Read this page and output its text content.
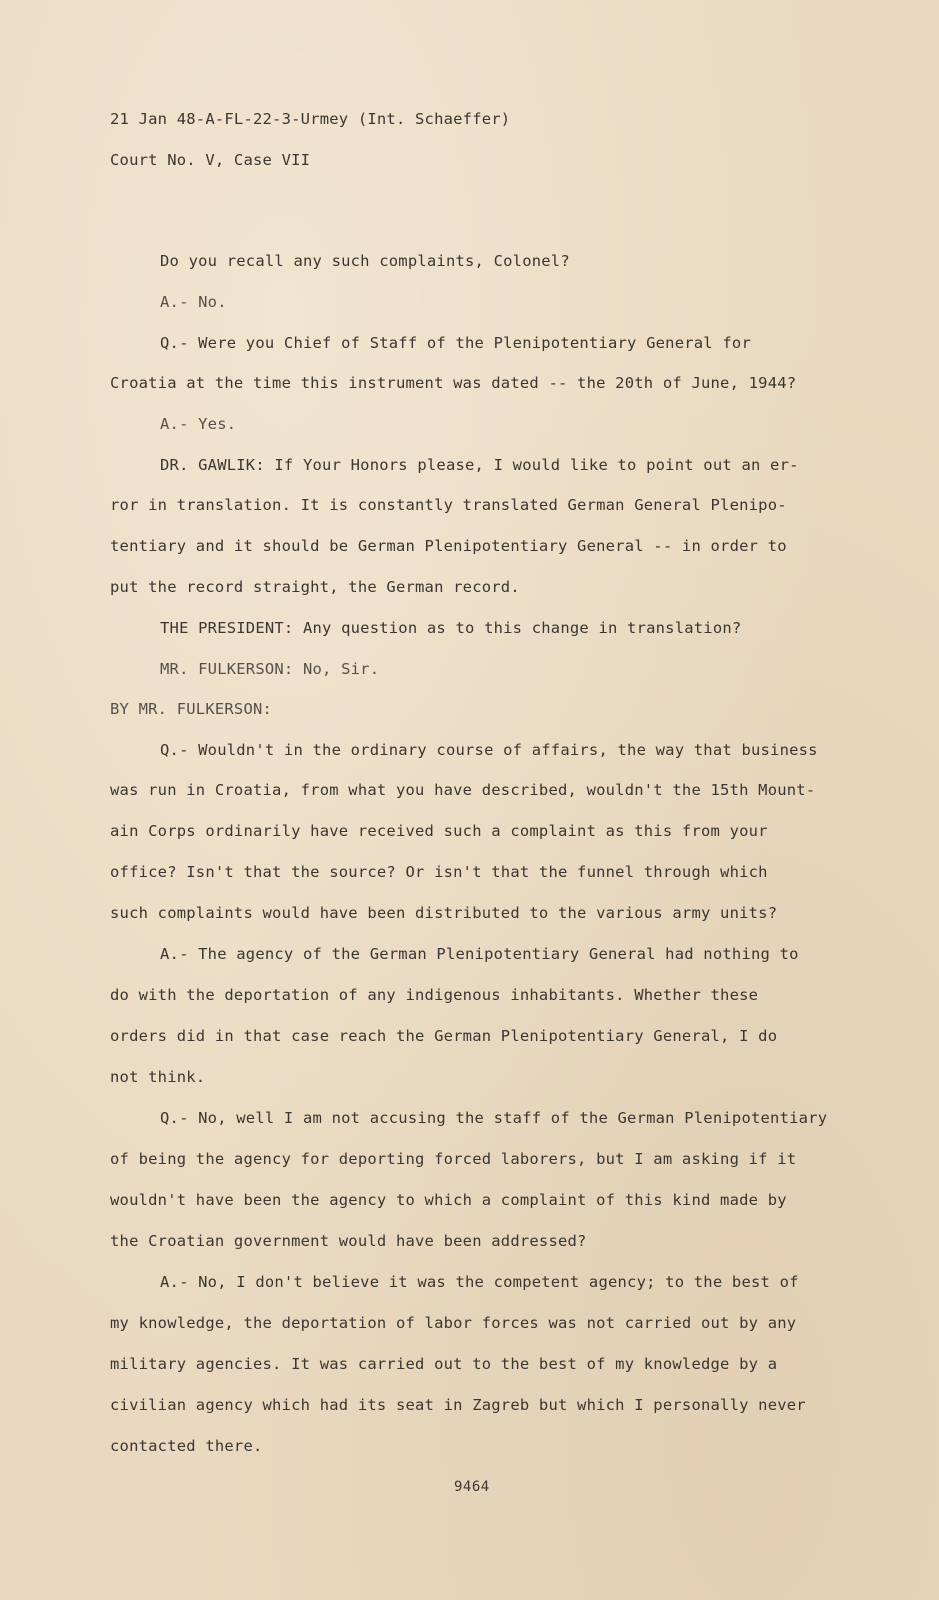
21 Jan 48-A-FL-22-3-Urmey (Int. Schaeffer)
Court No. V, Case VII
Do you recall any such complaints, Colonel?
A.- No.
Q.- Were you Chief of Staff of the Plenipotentiary General for
Croatia at the time this instrument was dated -- the 20th of June, 1944?
A.- Yes.
DR. GAWLIK: If Your Honors please, I would like to point out an er-
ror in translation. It is constantly translated German General Plenipo-
tentiary and it should be German Plenipotentiary General -- in order to
put the record straight, the German record.
THE PRESIDENT: Any question as to this change in translation?
MR. FULKERSON: No, Sir.
BY MR. FULKERSON:
Q.- Wouldn't in the ordinary course of affairs, the way that business
was run in Croatia, from what you have described, wouldn't the 15th Mount-
ain Corps ordinarily have received such a complaint as this from your
office? Isn't that the source? Or isn't that the funnel through which
such complaints would have been distributed to the various army units?
A.- The agency of the German Plenipotentiary General had nothing to
do with the deportation of any indigenous inhabitants. Whether these
orders did in that case reach the German Plenipotentiary General, I do
not think.
Q.- No, well I am not accusing the staff of the German Plenipotentiary
of being the agency for deporting forced laborers, but I am asking if it
wouldn't have been the agency to which a complaint of this kind made by
the Croatian government would have been addressed?
A.- No, I don't believe it was the competent agency; to the best of
my knowledge, the deportation of labor forces was not carried out by any
military agencies. It was carried out to the best of my knowledge by a
civilian agency which had its seat in Zagreb but which I personally never
contacted there.
9464
